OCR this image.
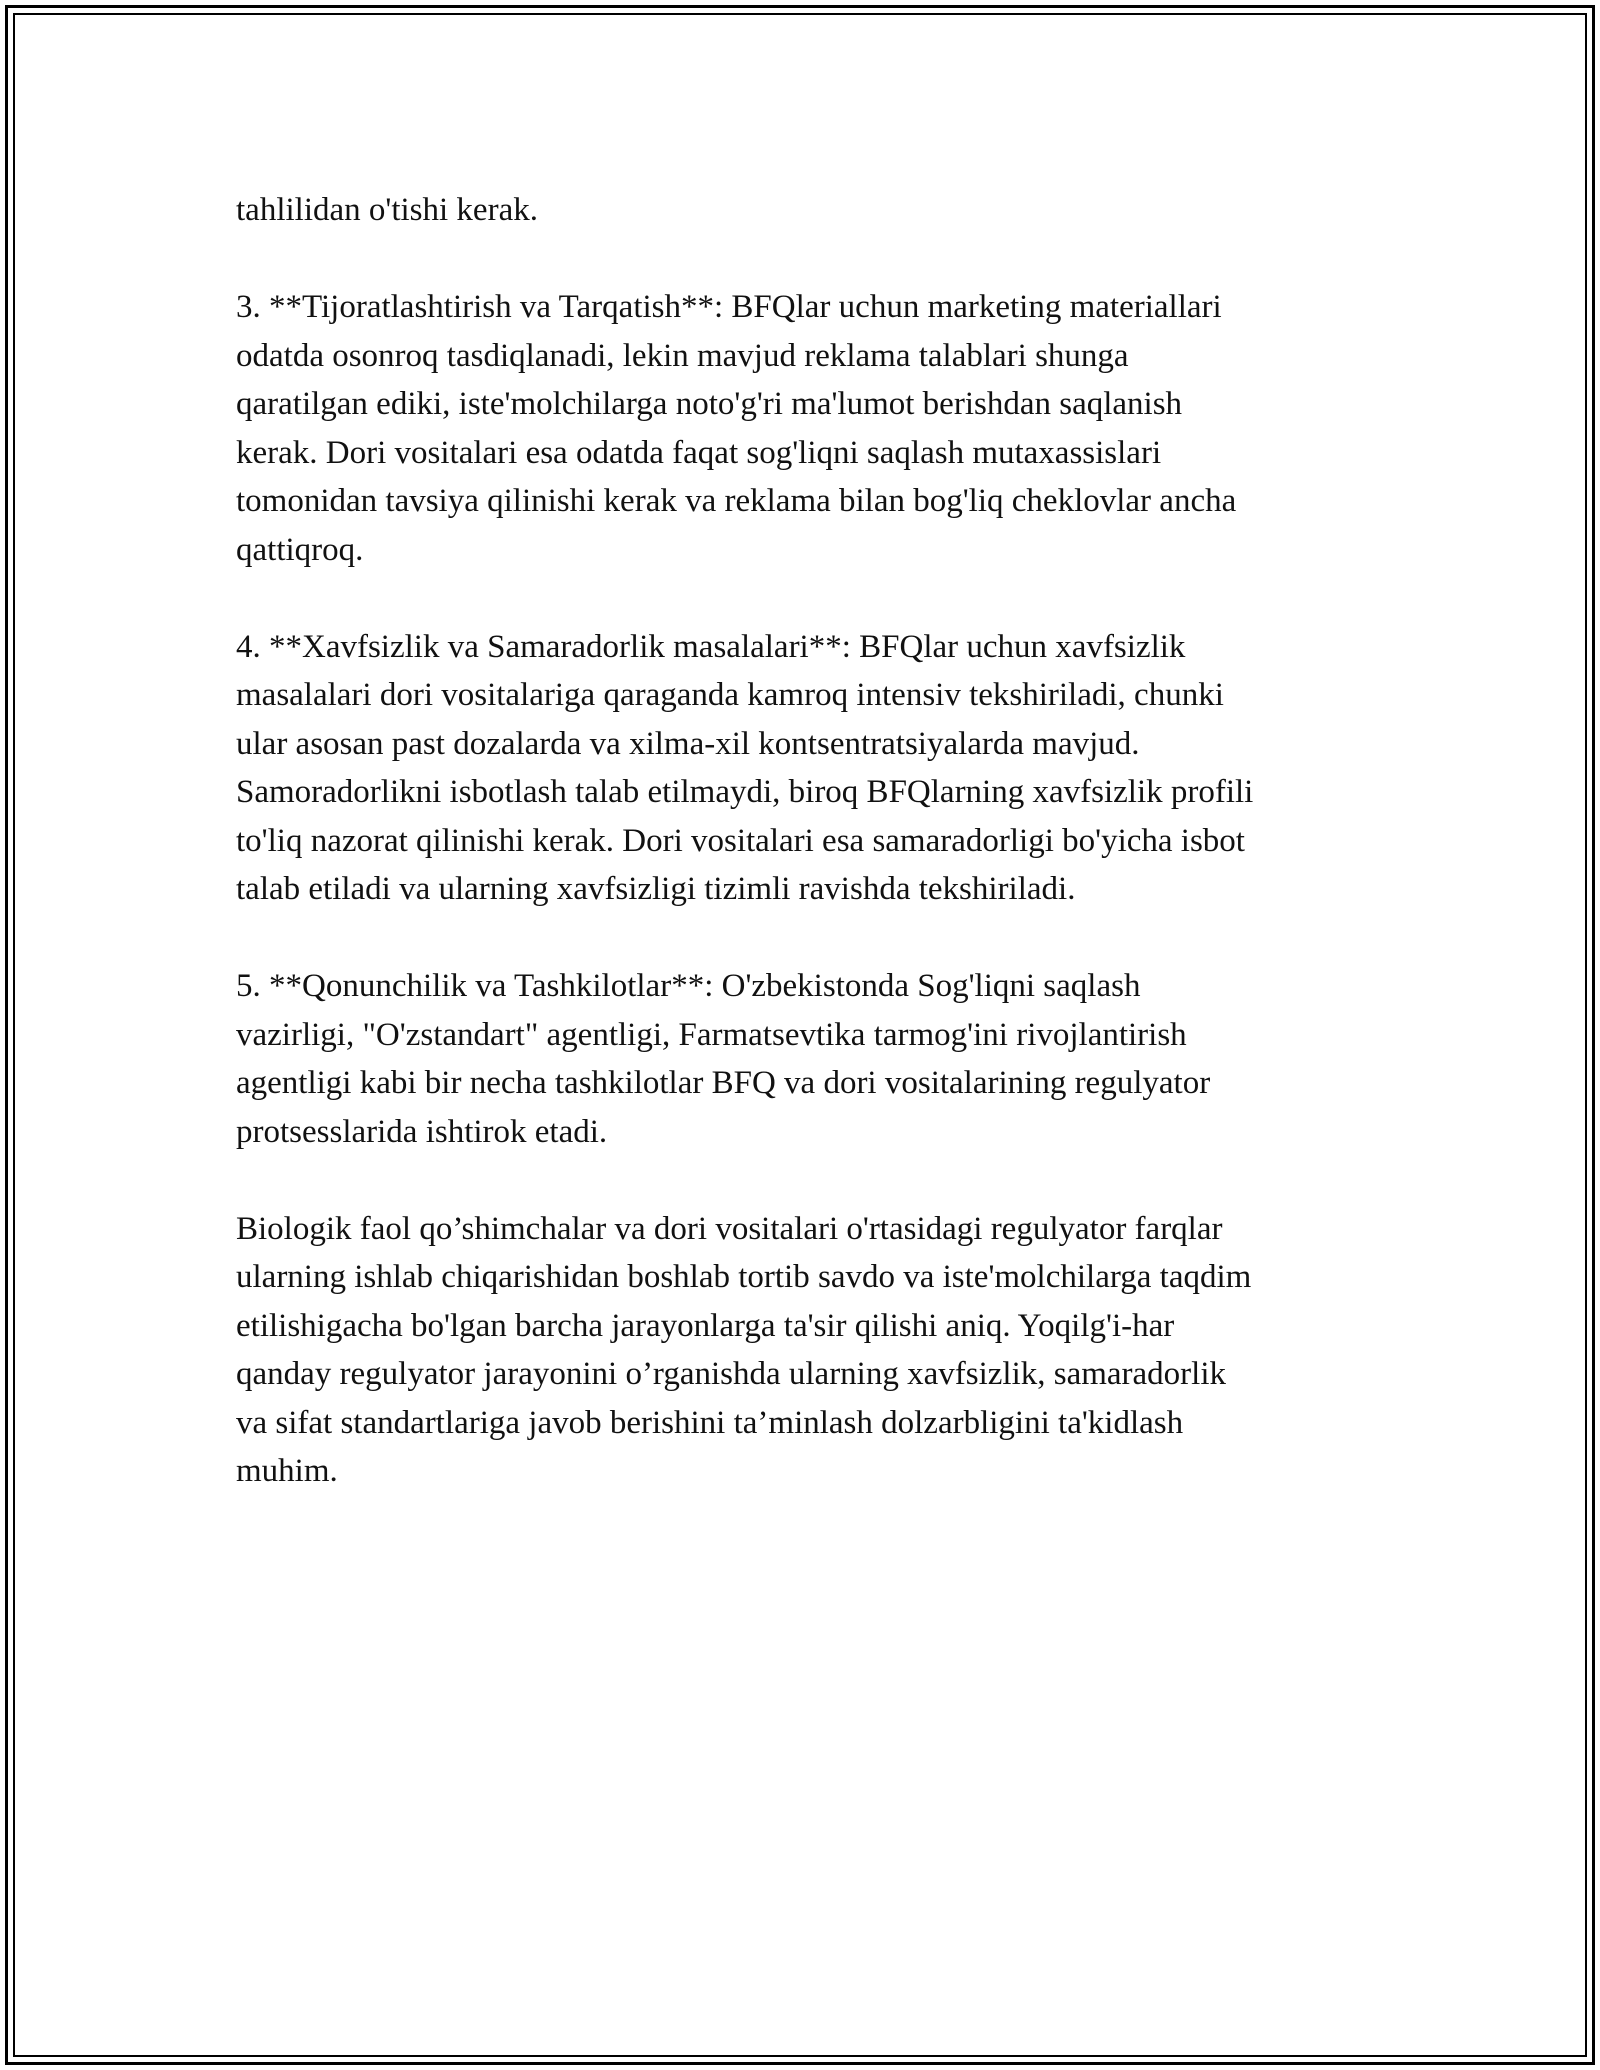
tahlilidan o'tishi kerak.

3. **Tijoratlashtirish va Tarqatish**: BFQlar uchun marketing materiallari
odatda osonroq tasdiqlanadi, lekin mavjud reklama talablari shunga
qaratilgan ediki, iste'molchilarga noto'g'ri ma'lumot berishdan saqlanish
kerak. Dori vositalari esa odatda faqat sog'liqni saqlash mutaxassislari
tomonidan tavsiya qilinishi kerak va reklama bilan bog'liq cheklovlar ancha
qattiqroq.

4. **Xavfsizlik va Samaradorlik masalalari**: BFQlar uchun xavfsizlik
masalalari dori vositalariga qaraganda kamroq intensiv tekshiriladi, chunki
ular asosan past dozalarda va xilma-xil kontsentratsiyalarda mavjud.
Samoradorlikni isbotlash talab etilmaydi, biroq BFQlarning xavfsizlik profili
to'liq nazorat qilinishi kerak. Dori vositalari esa samaradorligi bo'yicha isbot
talab etiladi va ularning xavfsizligi tizimli ravishda tekshiriladi.

5. **Qonunchilik va Tashkilotlar**: O'zbekistonda Sog'liqni saqlash
vazirligi, "O'zstandart" agentligi, Farmatsevtika tarmog'ini rivojlantirish
agentligi kabi bir necha tashkilotlar BFQ va dori vositalarining regulyator
protsesslarida ishtirok etadi.

Biologik faol qo’shimchalar va dori vositalari o'rtasidagi regulyator farqlar
ularning ishlab chiqarishidan boshlab tortib savdo va iste'molchilarga taqdim
etilishigacha bo'lgan barcha jarayonlarga ta'sir qilishi aniq. Yoqilg'i-har
qanday regulyator jarayonini o’rganishda ularning xavfsizlik, samaradorlik
va sifat standartlariga javob berishini ta’minlash dolzarbligini ta'kidlash
muhim.
